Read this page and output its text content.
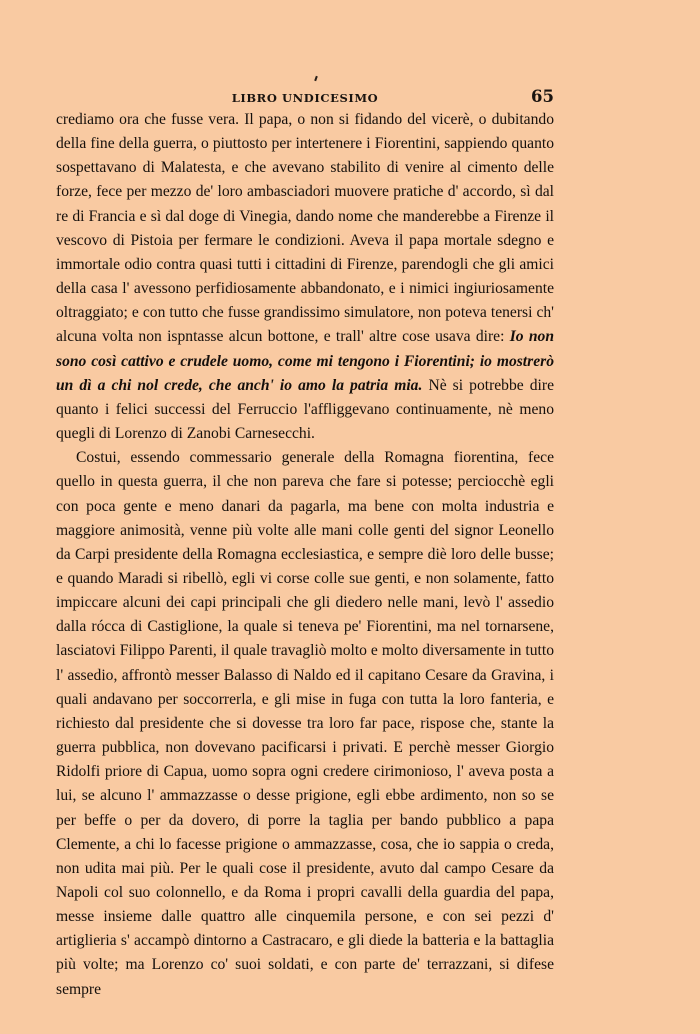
LIBRO UNDICESIMO	65

crediamo ora che fusse vera. Il papa, o non si fidando del vicerè, o dubitando della fine della guerra, o piuttosto per intertenere i Fiorentini, sappiendo quanto sospettavano di Malatesta, e che avevano stabilito di venire al cimento delle forze, fece per mezzo de' loro ambasciadori muovere pratiche d' accordo, sì dal re di Francia e sì dal doge di Vinegia, dando nome che manderebbe a Firenze il vescovo di Pistoia per fermare le condizioni. Aveva il papa mortale sdegno e immortale odio contra quasi tutti i cittadini di Firenze, parendogli che gli amici della casa l' avessono perfidiosamente abbandonato, e i nimici ingiuriosamente oltraggiato; e con tutto che fusse grandissimo simulatore, non poteva tenersi ch' alcuna volta non ispntasse alcun bottone, e trall' altre cose usava dire: Io non sono così cattivo e crudele uomo, come mi tengono i Fiorentini; io mostrerò un dì a chi nol crede, che anch' io amo la patria mia. Nè si potrebbe dire quanto i felici successi del Ferruccio l'affliggevano continuamente, nè meno quegli di Lorenzo di Zanobi Carnesecchi.

Costui, essendo commessario generale della Romagna fiorentina, fece quello in questa guerra, il che non pareva che fare si potesse; perciocchè egli con poca gente e meno danari da pagarla, ma bene con molta industria e maggiore animosità, venne più volte alle mani colle genti del signor Leonello da Carpi presidente della Romagna ecclesiastica, e sempre diè loro delle busse; e quando Maradi si ribellò, egli vi corse colle sue genti, e non solamente, fatto impiccare alcuni dei capi principali che gli diedero nelle mani, levò l' assedio dalla rócca di Castiglione, la quale si teneva pe' Fiorentini, ma nel tornarsene, lasciatovi Filippo Parenti, il quale travagliò molto e molto diversamente in tutto l' assedio, affrontò messer Balasso di Naldo ed il capitano Cesare da Gravina, i quali andavano per soccorrerla, e gli mise in fuga con tutta la loro fanteria, e richiesto dal presidente che si dovesse tra loro far pace, rispose che, stante la guerra pubblica, non dovevano pacificarsi i privati. E perchè messer Giorgio Ridolfi priore di Capua, uomo sopra ogni credere cirimonioso, l' aveva posta a lui, se alcuno l' ammazzasse o desse prigione, egli ebbe ardimento, non so se per beffe o per da dovero, di porre la taglia per bando pubblico a papa Clemente, a chi lo facesse prigione o ammazzasse, cosa, che io sappia o creda, non udita mai più. Per le quali cose il presidente, avuto dal campo Cesare da Napoli col suo colonnello, e da Roma i propri cavalli della guardia del papa, messe insieme dalle quattro alle cinquemila persone, e con sei pezzi d' artiglieria s' accampò dintorno a Castracaro, e gli diede la batteria e la battaglia più volte; ma Lorenzo co' suoi soldati, e con parte de' terrazzani, si difese sempre
